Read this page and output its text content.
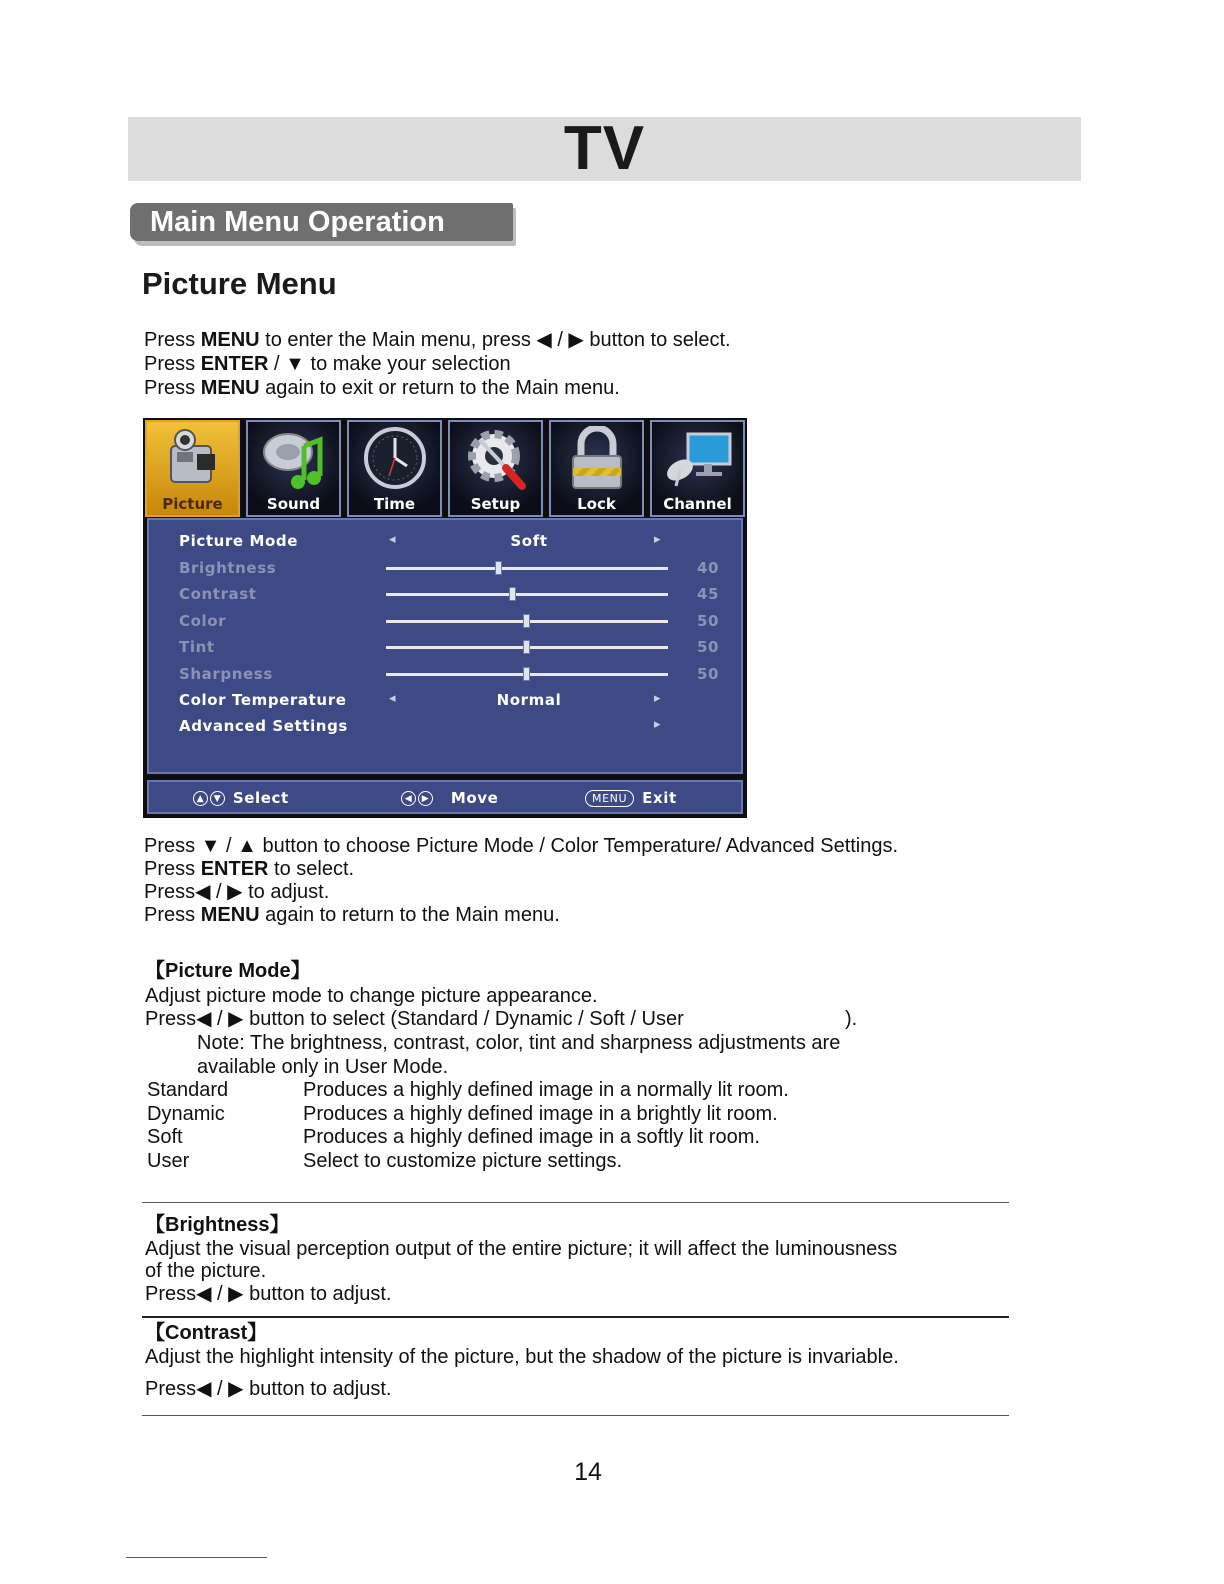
TV
Main Menu Operation
Picture Menu
Press MENU to enter the Main menu, press ◀ / ▶ button to select.
Press ENTER / ▼ to make your selection
Press MENU again to exit or return to the Main menu.
Picture	Sound	Time	Setup	Lock	Channel
Picture Mode	◂	Soft	▸
Brightness	40
Contrast	45
Color	50
Tint	50
Sharpness	50
Color Temperature	◂	Normal	▸
Advanced Settings	▸
▲ ▼ Select	◀ ▶ Move	MENU Exit
Press ▼ / ▲ button to choose Picture Mode / Color Temperature/ Advanced Settings.
Press ENTER to select.
Press◀ / ▶ to adjust.
Press MENU again to return to the Main menu.
【Picture Mode】
Adjust picture mode to change picture appearance.
Press◀ / ▶ button to select (Standard / Dynamic / Soft / User	).
Note: The brightness, contrast, color, tint and sharpness adjustments are
available only in User Mode.
Standard	Produces a highly defined image in a normally lit room.
Dynamic	Produces a highly defined image in a brightly lit room.
Soft	Produces a highly defined image in a softly lit room.
User	Select to customize picture settings.
【Brightness】
Adjust the visual perception output of the entire picture; it will affect the luminousness
of the picture.
Press◀ / ▶ button to adjust.
【Contrast】
Adjust the highlight intensity of the picture, but the shadow of the picture is invariable.
Press◀ / ▶ button to adjust.
14
